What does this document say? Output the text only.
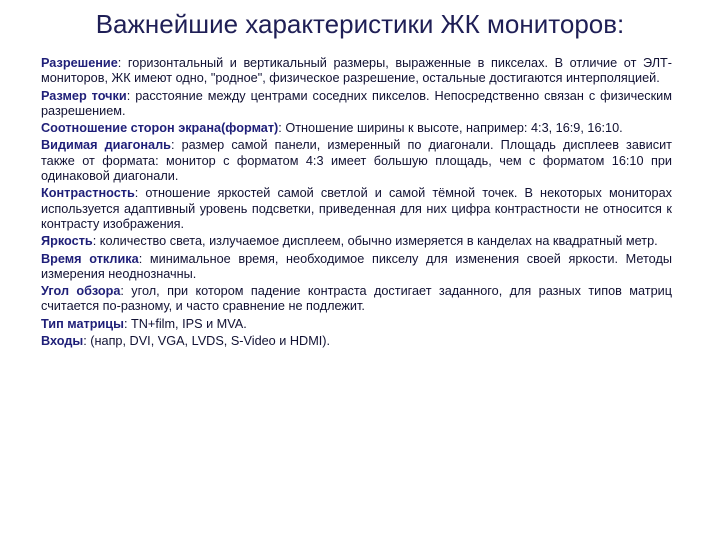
Важнейшие характеристики ЖК мониторов:

Разрешение: горизонтальный и вертикальный размеры, выраженные в пикселах. В отличие от ЭЛТ-мониторов, ЖК имеют одно, "родное", физическое разрешение, остальные достигаются интерполяцией.

Размер точки: расстояние между центрами соседних пикселов. Непосредственно связан с физическим разрешением.

Соотношение сторон экрана(формат): Отношение ширины к высоте, например: 4:3, 16:9, 16:10.

Видимая диагональ: размер самой панели, измеренный по диагонали. Площадь дисплеев зависит также от формата: монитор с форматом 4:3 имеет большую площадь, чем с форматом 16:10 при одинаковой диагонали.

Контрастность: отношение яркостей самой светлой и самой тёмной точек. В некоторых мониторах используется адаптивный уровень подсветки, приведенная для них цифра контрастности не относится к контрасту изображения.

Яркость: количество света, излучаемое дисплеем, обычно измеряется в канделах на квадратный метр.

Время отклика: минимальное время, необходимое пикселу для изменения своей яркости. Методы измерения неоднозначны.

Угол обзора: угол, при котором падение контраста достигает заданного, для разных типов матриц считается по-разному, и часто сравнение не подлежит.

Тип матрицы: TN+film, IPS и MVA.

Входы: (напр, DVI, VGA, LVDS, S-Video и HDMI).
